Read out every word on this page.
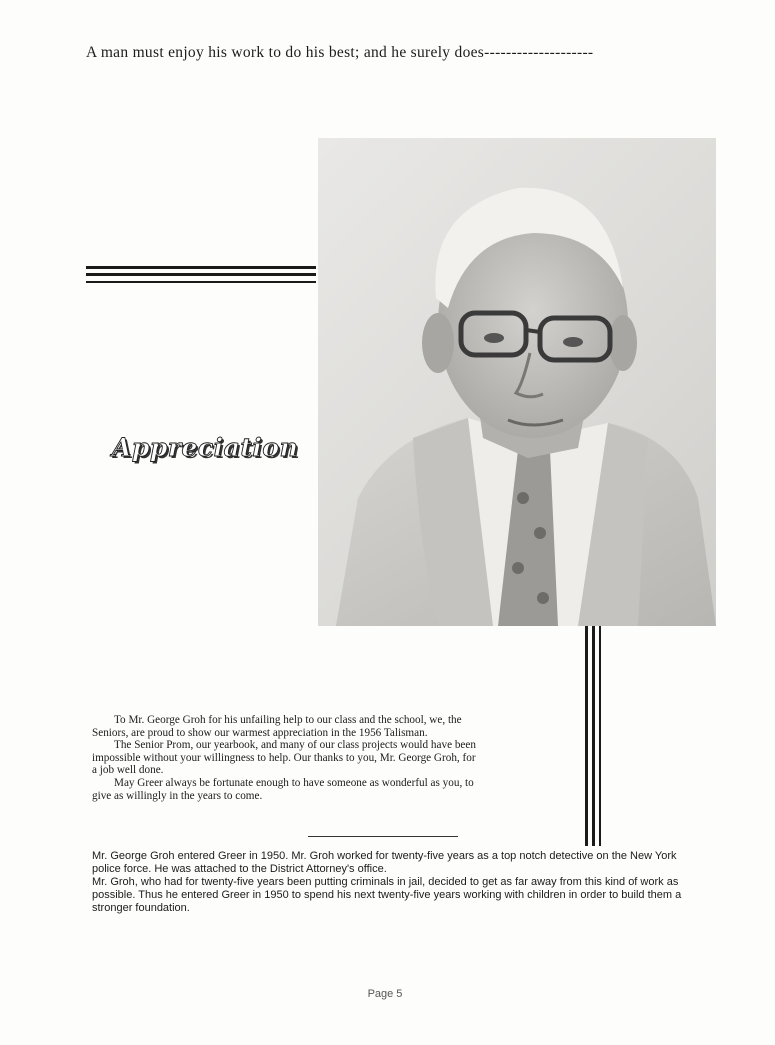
A man must enjoy his work to do his best; and he surely does--------------------
Appreciation

To Mr. George Groh for his unfailing help to our class and the school, we, the Seniors, are proud to show our warmest appreciation in the 1956 Talisman.

The Senior Prom, our yearbook, and many of our class projects would have been impossible without your willingness to help. Our thanks to you, Mr. George Groh, for a job well done.

May Greer always be fortunate enough to have someone as wonderful as you, to give as willingly in the years to come.

Mr. George Groh entered Greer in 1950. Mr. Groh worked for twenty-five years as a top notch detective on the New York police force. He was attached to the District Attorney's office.

Mr. Groh, who had for twenty-five years been putting criminals in jail, decided to get as far away from this kind of work as possible. Thus he entered Greer in 1950 to spend his next twenty-five years working with children in order to build them a stronger foundation.

Page 5
